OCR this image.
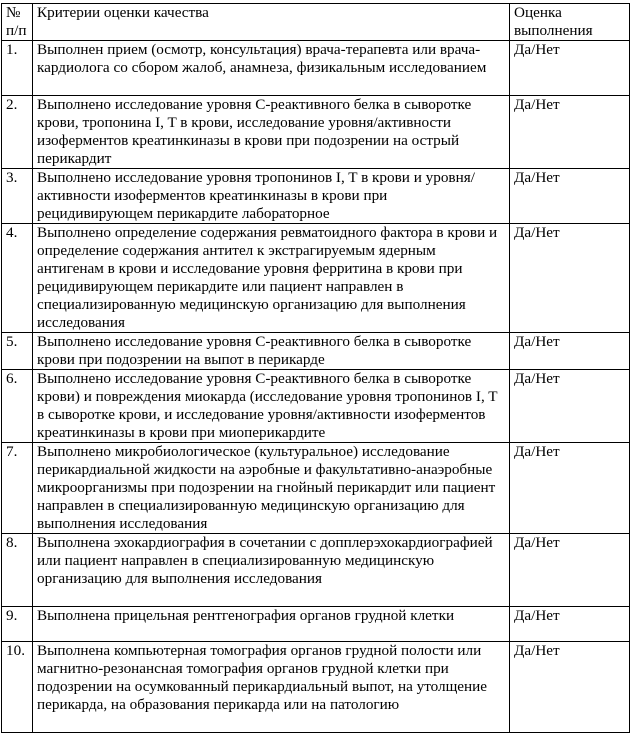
№ п/п	Критерии оценки качества	Оценка выполнения
1.	Выполнен прием (осмотр, консультация) врача-терапевта или врача-кардиолога со сбором жалоб, анамнеза, физикальным исследованием	Да/Нет
2.	Выполнено исследование уровня С-реактивного белка в сыворотке крови, тропонина I, T в крови, исследование уровня/активности изоферментов креатинкиназы в крови при подозрении на острый перикардит	Да/Нет
3.	Выполнено исследование уровня тропонинов I, T в крови и уровня/активности изоферментов креатинкиназы в крови при рецидивирующем перикардите лабораторное	Да/Нет
4.	Выполнено определение содержания ревматоидного фактора в крови и определение содержания антител к экстрагируемым ядерным антигенам в крови и исследование уровня ферритина в крови при рецидивирующем перикардите или пациент направлен в специализированную медицинскую организацию для выполнения исследования	Да/Нет
5.	Выполнено исследование уровня С-реактивного белка в сыворотке крови при подозрении на выпот в перикарде	Да/Нет
6.	Выполнено исследование уровня С-реактивного белка в сыворотке крови) и повреждения миокарда (исследование уровня тропонинов I, T в сыворотке крови, и исследование уровня/активности изоферментов креатинкиназы в крови при миоперикардите	Да/Нет
7.	Выполнено микробиологическое (культуральное) исследование перикардиальной жидкости на аэробные и факультативно-анаэробные микроорганизмы при подозрении на гнойный перикардит или пациент направлен в специализированную медицинскую организацию для выполнения исследования	Да/Нет
8.	Выполнена эхокардиография в сочетании с допплерэхокардиографией или пациент направлен в специализированную медицинскую организацию для выполнения исследования	Да/Нет
9.	Выполнена прицельная рентгенография органов грудной клетки	Да/Нет
10.	Выполнена компьютерная томография органов грудной полости или магнитно-резонансная томография органов грудной клетки при подозрении на осумкованный перикардиальный выпот, на утолщение перикарда, на образования перикарда или на патологию	Да/Нет
